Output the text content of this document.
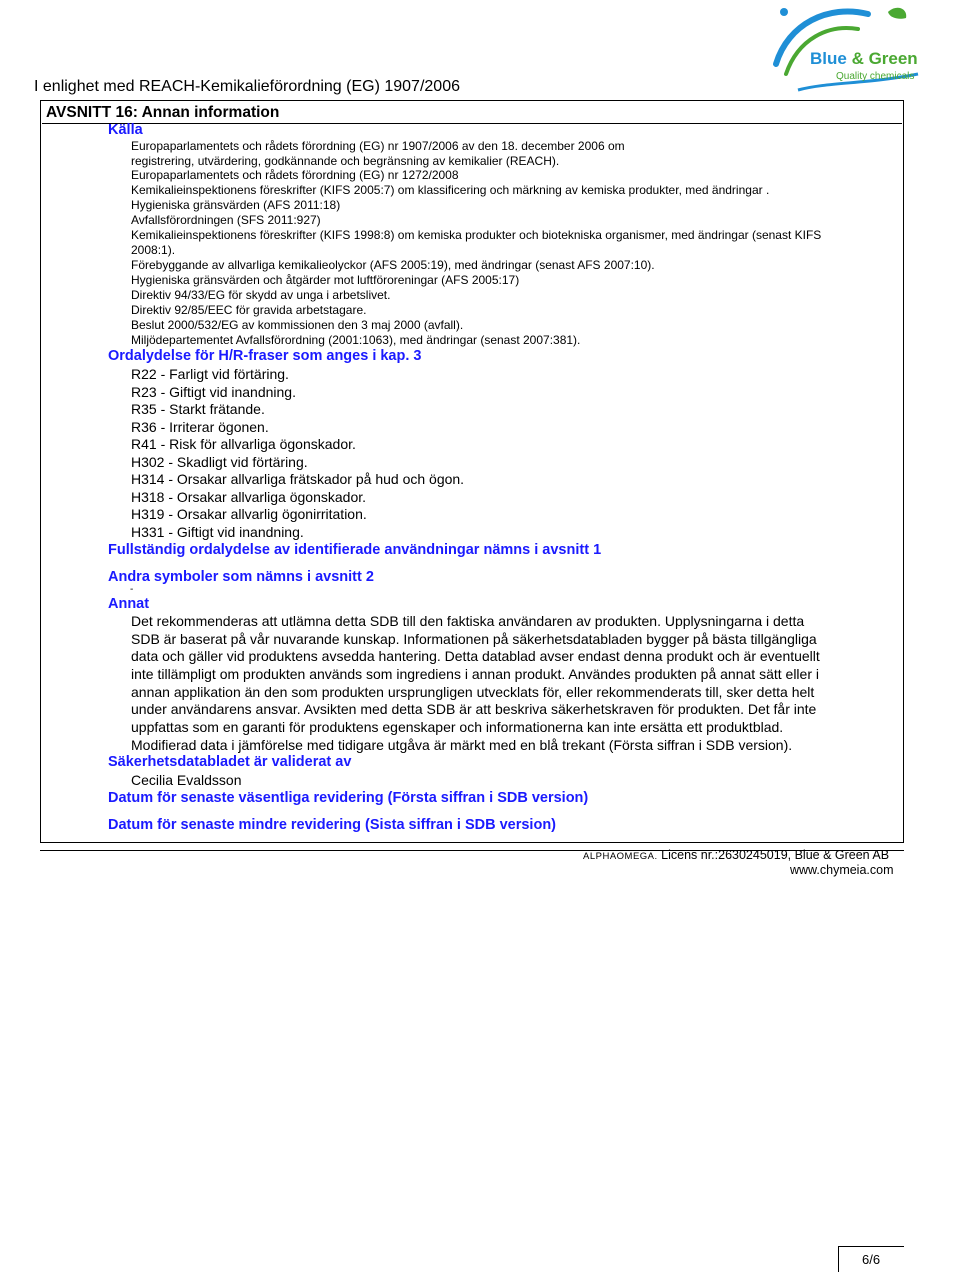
I enlighet med REACH-Kemikalieförordning (EG) 1907/2006
Blue & Green
Quality chemicals
AVSNITT 16: Annan information
Källa
Europaparlamentets och rådets förordning (EG) nr 1907/2006 av den 18. december 2006 om
registrering, utvärdering, godkännande och begränsning av kemikalier (REACH).
Europaparlamentets och rådets förordning (EG) nr 1272/2008
Kemikalieinspektionens föreskrifter (KIFS 2005:7) om klassificering och märkning av kemiska produkter, med ändringar .
Hygieniska gränsvärden (AFS 2011:18)
Avfallsförordningen (SFS 2011:927)
Kemikalieinspektionens föreskrifter (KIFS 1998:8) om kemiska produkter och biotekniska organismer, med ändringar (senast KIFS
2008:1).
Förebyggande av allvarliga kemikalieolyckor (AFS 2005:19), med ändringar (senast AFS 2007:10).
Hygieniska gränsvärden och åtgärder mot luftföroreningar (AFS 2005:17)
Direktiv 94/33/EG för skydd av unga i arbetslivet.
Direktiv 92/85/EEC för gravida arbetstagare.
Beslut 2000/532/EG av kommissionen den 3 maj 2000 (avfall).
Miljödepartementet Avfallsförordning (2001:1063), med ändringar (senast 2007:381).
Ordalydelse för H/R-fraser som anges i kap. 3
R22 - Farligt vid förtäring.
R23 - Giftigt vid inandning.
R35 - Starkt frätande.
R36 - Irriterar ögonen.
R41 - Risk för allvarliga ögonskador.
H302 - Skadligt vid förtäring.
H314 - Orsakar allvarliga frätskador på hud och ögon.
H318 - Orsakar allvarliga ögonskador.
H319 - Orsakar allvarlig ögonirritation.
H331 - Giftigt vid inandning.
Fullständig ordalydelse av identifierade användningar nämns i avsnitt 1
Andra symboler som nämns i avsnitt 2
-
Annat
Det rekommenderas att utlämna detta SDB till den faktiska användaren av produkten. Upplysningarna i detta
SDB är baserat på vår nuvarande kunskap. Informationen på säkerhetsdatabladen bygger på bästa tillgängliga
data och gäller vid produktens avsedda hantering. Detta datablad avser endast denna produkt och är eventuellt
inte tillämpligt om produkten används som ingrediens i annan produkt. Användes produkten på annat sätt eller i
annan applikation än den som produkten ursprungligen utvecklats för, eller rekommenderats till, sker detta helt
under användarens ansvar. Avsikten med detta SDB är att beskriva säkerhetskraven för produkten. Det får inte
uppfattas som en garanti för produktens egenskaper och informationerna kan inte ersätta ett produktblad.
Modifierad data i jämförelse med tidigare utgåva är märkt med en blå trekant (Första siffran i SDB version).
Säkerhetsdatabladet är validerat av
Cecilia Evaldsson
Datum för senaste väsentliga revidering (Första siffran i SDB version)
Datum för senaste mindre revidering (Sista siffran i SDB version)
ALPHAOMEGA. Licens nr.:2630245019, Blue & Green AB
www.chymeia.com
6/6
